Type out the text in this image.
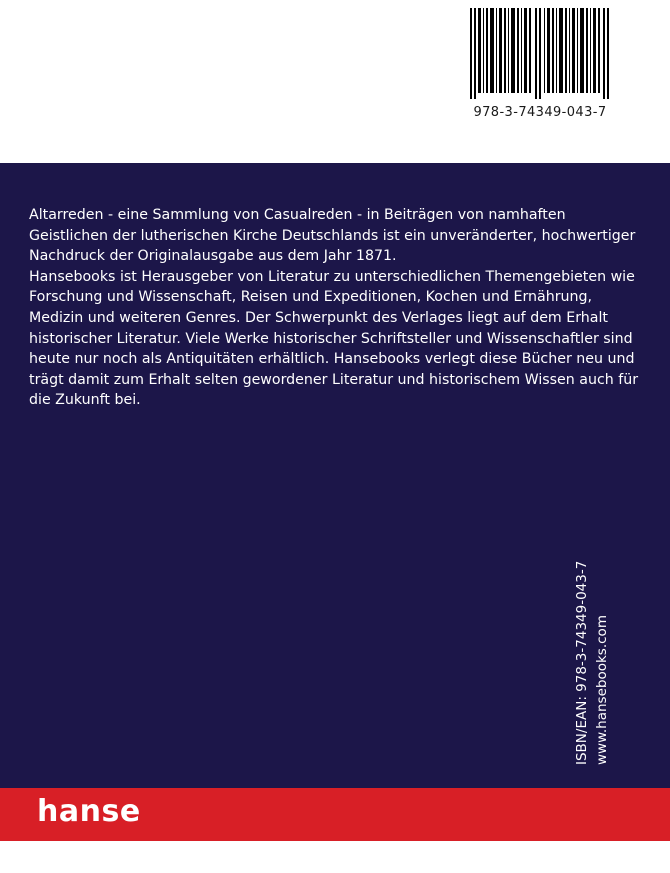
978-3-74349-043-7

Altarreden - eine Sammlung von Casualreden - in Beiträgen von namhaften Geistlichen der lutherischen Kirche Deutschlands ist ein unveränderter, hochwertiger Nachdruck der Originalausgabe aus dem Jahr 1871.

Hansebooks ist Herausgeber von Literatur zu unterschiedlichen Themengebieten wie Forschung und Wissenschaft, Reisen und Expeditionen, Kochen und Ernährung, Medizin und weiteren Genres. Der Schwerpunkt des Verlages liegt auf dem Erhalt historischer Literatur. Viele Werke historischer Schriftsteller und Wissenschaftler sind heute nur noch als Antiquitäten erhältlich. Hansebooks verlegt diese Bücher neu und trägt damit zum Erhalt selten gewordener Literatur und historischem Wissen auch für die Zukunft bei.

ISBN/EAN: 978-3-74349-043-7 www.hansebooks.com
hanse
